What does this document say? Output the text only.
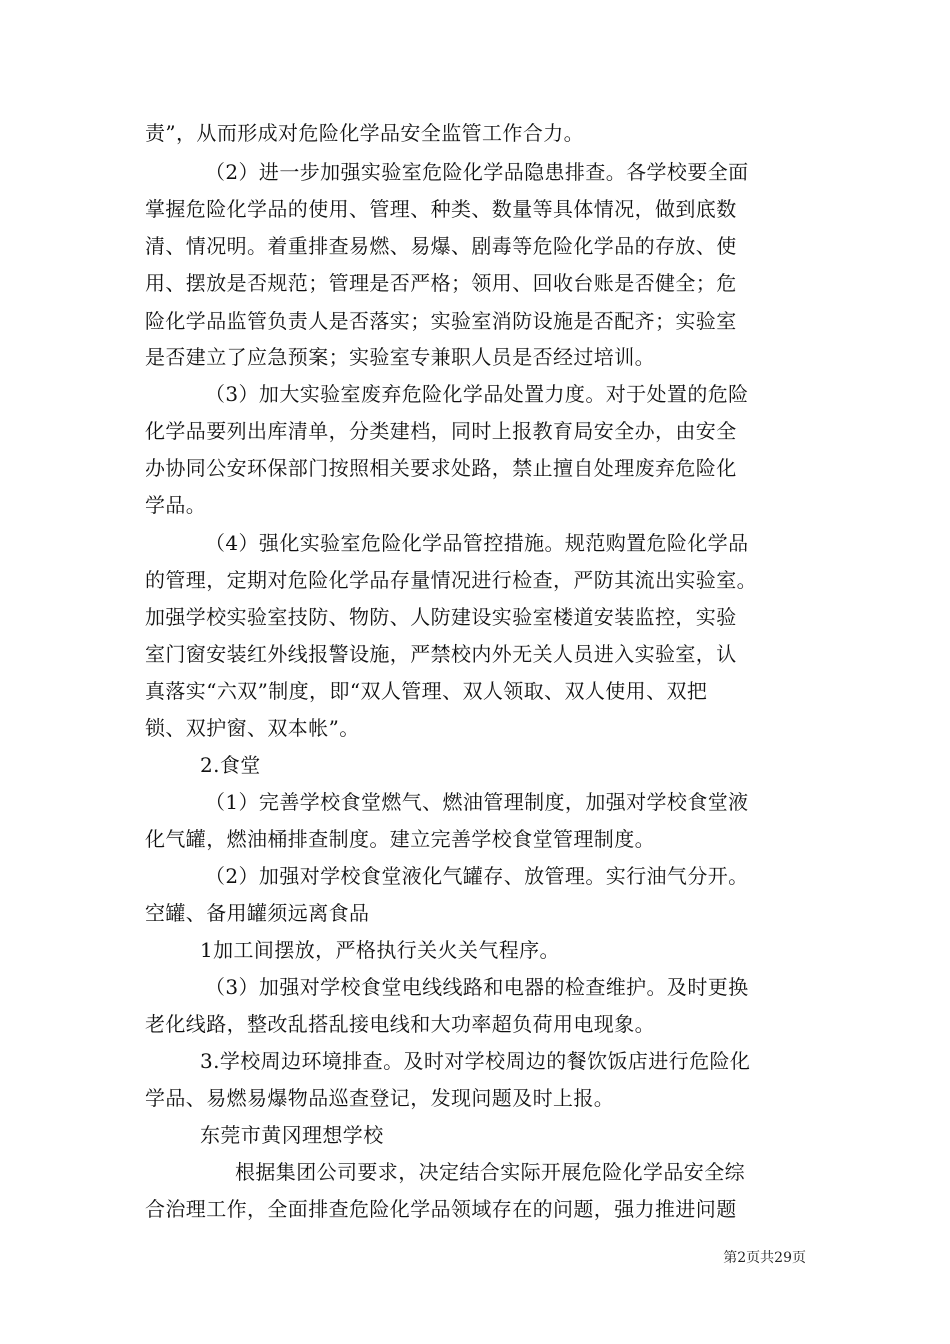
责”，从而形成对危险化学品安全监管工作合力。
（2）进一步加强实验室危险化学品隐患排查。各学校要全面
掌握危险化学品的使用、管理、种类、数量等具体情况，做到底数
清、情况明。着重排查易燃、易爆、剧毒等危险化学品的存放、使
用、摆放是否规范；管理是否严格；领用、回收台账是否健全；危
险化学品监管负责人是否落实；实验室消防设施是否配齐；实验室
是否建立了应急预案；实验室专兼职人员是否经过培训。
（3）加大实验室废弃危险化学品处置力度。对于处置的危险
化学品要列出库清单，分类建档，同时上报教育局安全办，由安全
办协同公安环保部门按照相关要求处路，禁止擅自处理废弃危险化
学品。
（4）强化实验室危险化学品管控措施。规范购置危险化学品
的管理，定期对危险化学品存量情况进行检查，严防其流出实验室。
加强学校实验室技防、物防、人防建设实验室楼道安装监控，实验
室门窗安装红外线报警设施，严禁校内外无关人员进入实验室，认
真落实“六双”制度，即“双人管理、双人领取、双人使用、双把
锁、双护窗、双本帐”。
2.食堂
（1）完善学校食堂燃气、燃油管理制度，加强对学校食堂液
化气罐，燃油桶排查制度。建立完善学校食堂管理制度。
（2）加强对学校食堂液化气罐存、放管理。实行油气分开。
空罐、备用罐须远离食品
1加工间摆放，严格执行关火关气程序。
（3）加强对学校食堂电线线路和电器的检查维护。及时更换
老化线路，整改乱搭乱接电线和大功率超负荷用电现象。
3.学校周边环境排查。及时对学校周边的餐饮饭店进行危险化
学品、易燃易爆物品巡查登记，发现问题及时上报。
东莞市黄冈理想学校
根据集团公司要求，决定结合实际开展危险化学品安全综
合治理工作，全面排查危险化学品领域存在的问题，强力推进问题
第2页共29页
